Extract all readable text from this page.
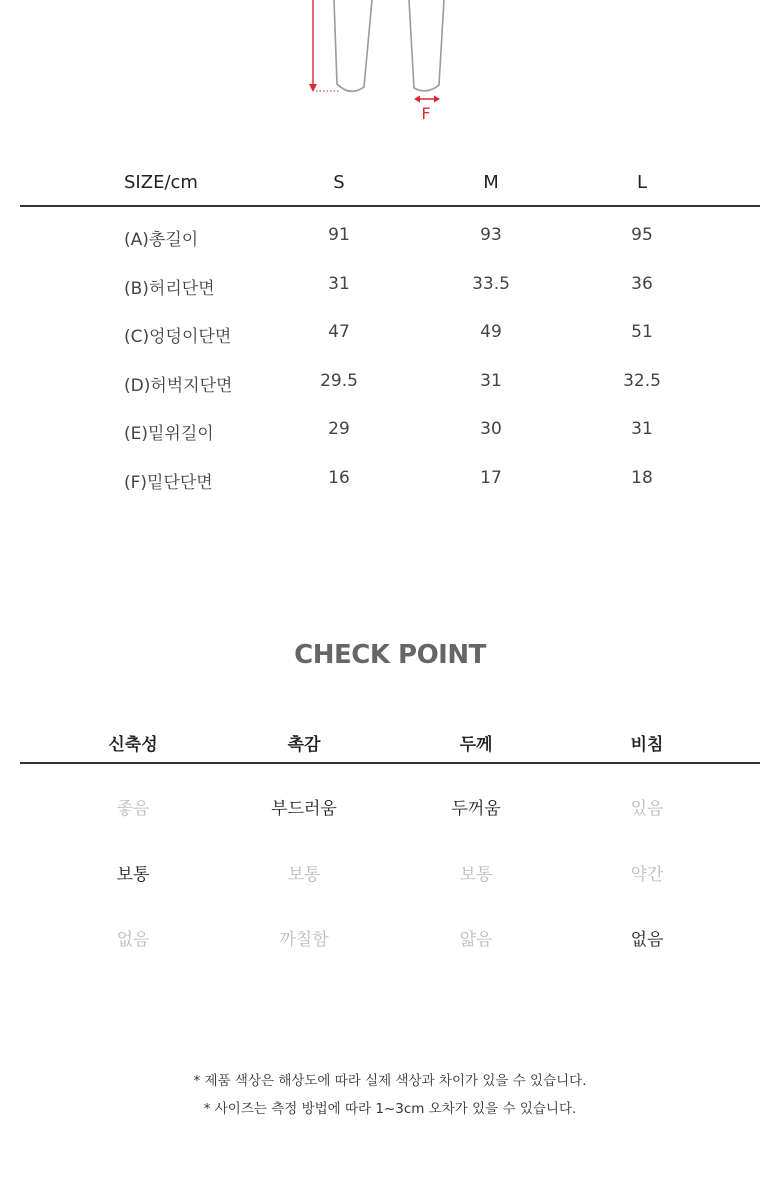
F
SIZE/cm	S	M	L
(A)총길이	91	93	95
(B)허리단면	31	33.5	36
(C)엉덩이단면	47	49	51
(D)허벅지단면	29.5	31	32.5
(E)밑위길이	29	30	31
(F)밑단단면	16	17	18
CHECK POINT
신축성	촉감	두께	비침
좋음	부드러움	두꺼움	있음
보통	보통	보통	약간
없음	까칠함	얇음	없음
* 제품 색상은 해상도에 따라 실제 색상과 차이가 있을 수 있습니다.
* 사이즈는 측정 방법에 따라 1~3cm 오차가 있을 수 있습니다.
